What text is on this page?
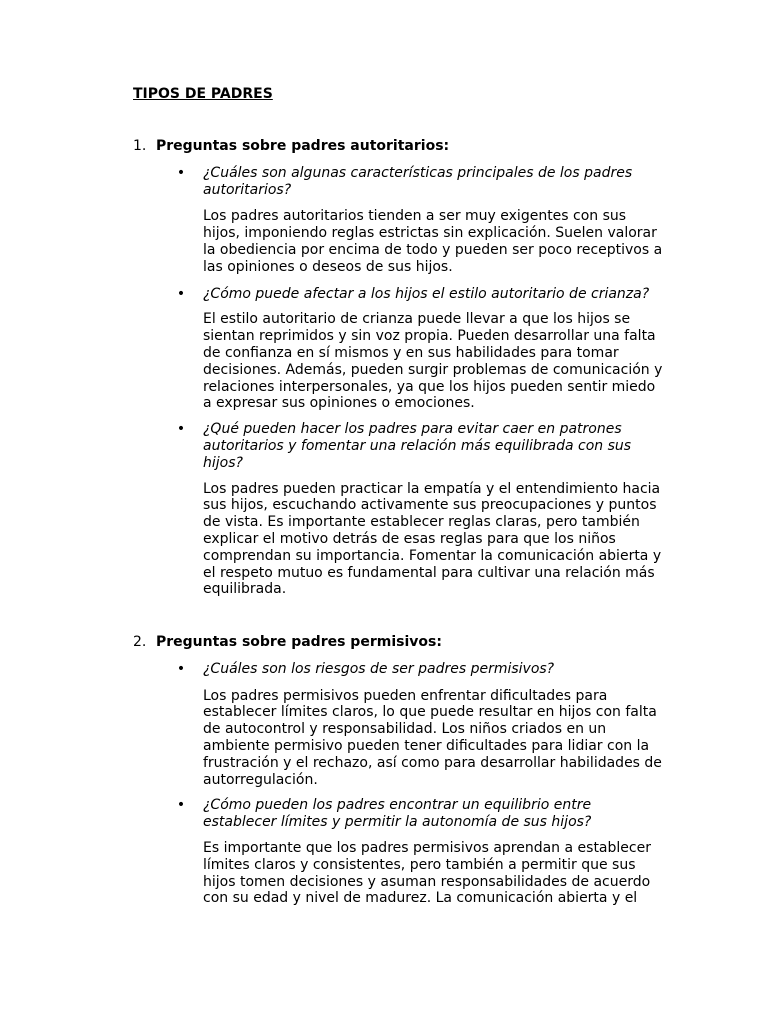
TIPOS DE PADRES

1. Preguntas sobre padres autoritarios:

• ¿Cuáles son algunas características principales de los padres autoritarios?

Los padres autoritarios tienden a ser muy exigentes con sus hijos, imponiendo reglas estrictas sin explicación. Suelen valorar la obediencia por encima de todo y pueden ser poco receptivos a las opiniones o deseos de sus hijos.

• ¿Cómo puede afectar a los hijos el estilo autoritario de crianza?

El estilo autoritario de crianza puede llevar a que los hijos se sientan reprimidos y sin voz propia. Pueden desarrollar una falta de confianza en sí mismos y en sus habilidades para tomar decisiones. Además, pueden surgir problemas de comunicación y relaciones interpersonales, ya que los hijos pueden sentir miedo a expresar sus opiniones o emociones.

• ¿Qué pueden hacer los padres para evitar caer en patrones autoritarios y fomentar una relación más equilibrada con sus hijos?

Los padres pueden practicar la empatía y el entendimiento hacia sus hijos, escuchando activamente sus preocupaciones y puntos de vista. Es importante establecer reglas claras, pero también explicar el motivo detrás de esas reglas para que los niños comprendan su importancia. Fomentar la comunicación abierta y el respeto mutuo es fundamental para cultivar una relación más equilibrada.

2. Preguntas sobre padres permisivos:

• ¿Cuáles son los riesgos de ser padres permisivos?

Los padres permisivos pueden enfrentar dificultades para establecer límites claros, lo que puede resultar en hijos con falta de autocontrol y responsabilidad. Los niños criados en un ambiente permisivo pueden tener dificultades para lidiar con la frustración y el rechazo, así como para desarrollar habilidades de autorregulación.

• ¿Cómo pueden los padres encontrar un equilibrio entre establecer límites y permitir la autonomía de sus hijos?

Es importante que los padres permisivos aprendan a establecer límites claros y consistentes, pero también a permitir que sus hijos tomen decisiones y asuman responsabilidades de acuerdo con su edad y nivel de madurez. La comunicación abierta y el
